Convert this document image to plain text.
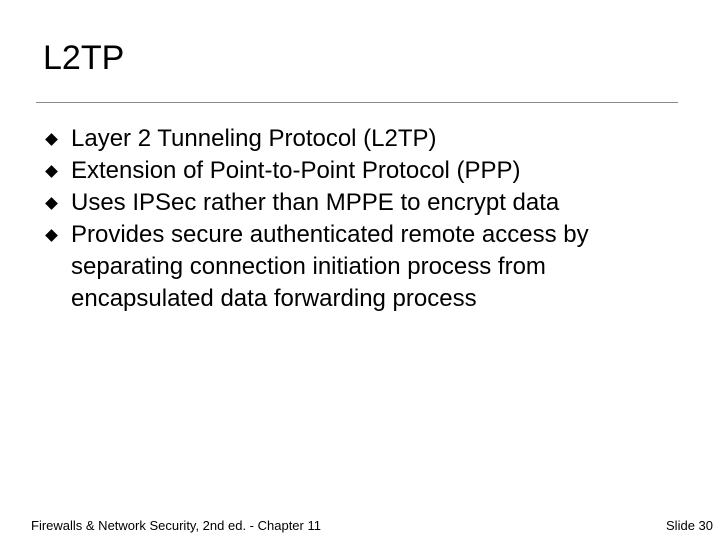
L2TP
Layer 2 Tunneling Protocol (L2TP)
Extension of Point-to-Point Protocol (PPP)
Uses IPSec rather than MPPE to encrypt data
Provides secure authenticated remote access by separating connection initiation process from encapsulated data forwarding process
Firewalls & Network Security, 2nd ed. - Chapter 11	Slide 30
